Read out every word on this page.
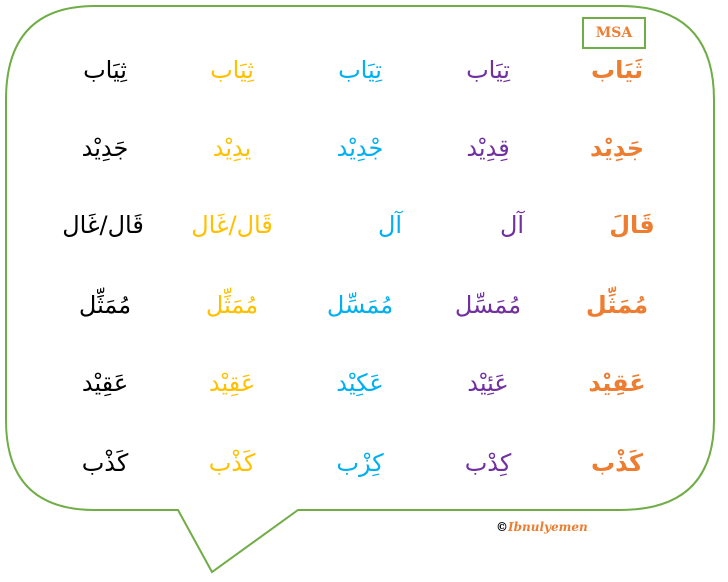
MSA
ثَيَاب
تِيَاب
تِيَاب
ثِيَاب
ثِيَاب
جَدِيْد
قِدِيْد
جْدِيْد
يدِيْد
جَدِيْد
قَالَ
آل
آل
قَال/غَال
قَال/غَال
مُمَثِّل
مُمَسِّل
مُمَسِّل
مُمَثِّل
مُمَثِّل
عَقِيْد
عَئِيْد
عَكِيْد
عَقِيْد
عَقِيْد
كَذْب
كِدْب
كِزْب
كَذْب
كَذْب
©Ibnulyemen
